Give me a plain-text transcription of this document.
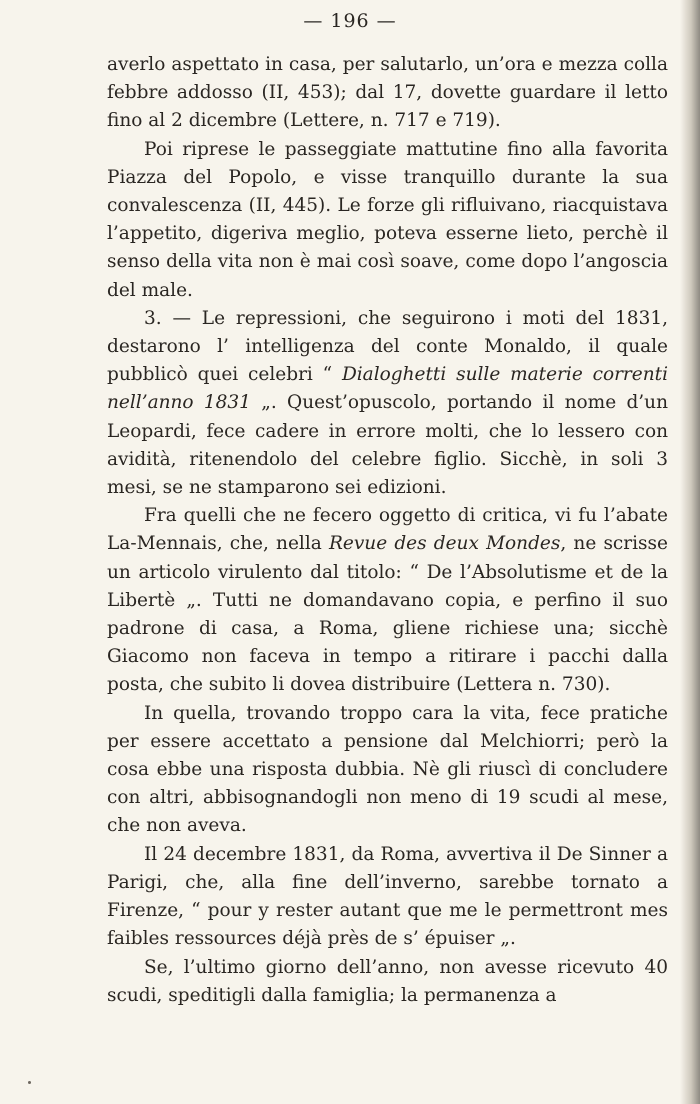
— 196 —

averlo aspettato in casa, per salutarlo, un’ora e mezza colla febbre addosso (II, 453); dal 17, dovette guardare il letto fino al 2 dicembre (Lettere, n. 717 e 719).

Poi riprese le passeggiate mattutine fino alla favorita Piazza del Popolo, e visse tranquillo durante la sua convalescenza (II, 445). Le forze gli rifluivano, riacquistava l’appetito, digeriva meglio, poteva esserne lieto, perchè il senso della vita non è mai così soave, come dopo l’angoscia del male.

3. — Le repressioni, che seguirono i moti del 1831, destarono l’ intelligenza del conte Monaldo, il quale pubblicò quei celebri “ Dialoghetti sulle materie correnti nell’anno 1831 „. Quest’opuscolo, portando il nome d’un Leopardi, fece cadere in errore molti, che lo lessero con avidità, ritenendolo del celebre figlio. Sicchè, in soli 3 mesi, se ne stamparono sei edizioni.

Fra quelli che ne fecero oggetto di critica, vi fu l’abate La-Mennais, che, nella Revue des deux Mondes, ne scrisse un articolo virulento dal titolo: “ De l’Absolutisme et de la Libertè „. Tutti ne domandavano copia, e perfino il suo padrone di casa, a Roma, gliene richiese una; sicchè Giacomo non faceva in tempo a ritirare i pacchi dalla posta, che subito li dovea distribuire (Lettera n. 730).

In quella, trovando troppo cara la vita, fece pratiche per essere accettato a pensione dal Melchiorri; però la cosa ebbe una risposta dubbia. Nè gli riuscì di concludere con altri, abbisognandogli non meno di 19 scudi al mese, che non aveva.

Il 24 decembre 1831, da Roma, avvertiva il De Sinner a Parigi, che, alla fine dell’inverno, sarebbe tornato a Firenze, “ pour y rester autant que me le permettront mes faibles ressources déjà près de s’ épuiser „.

Se, l’ultimo giorno dell’anno, non avesse ricevuto 40 scudi, speditigli dalla famiglia; la permanenza a
